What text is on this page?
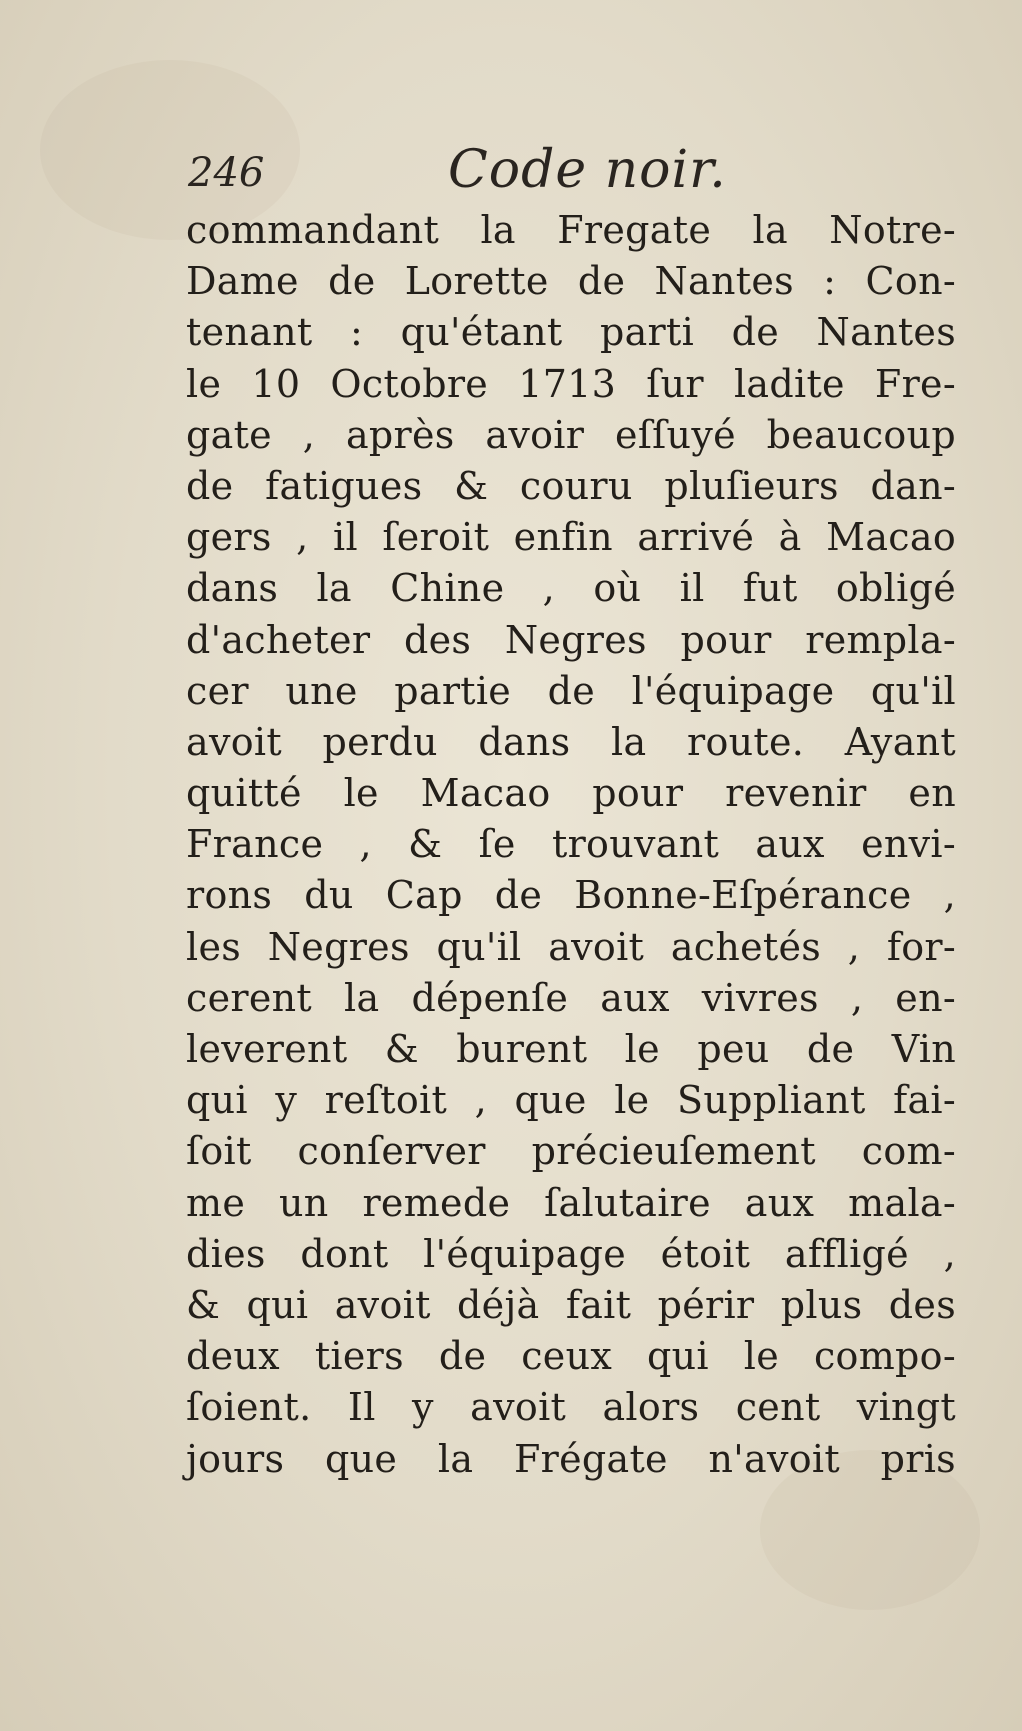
246	Code noir.
commandant la Fregate la Notre-
Dame de Lorette de Nantes : Con-
tenant : qu'étant parti de Nantes
le 10 Octobre 1713 ſur ladite Fre-
gate , après avoir eſſuyé beaucoup
de fatigues & couru pluſieurs dan-
gers , il ſeroit enfin arrivé à Macao
dans la Chine , où il fut obligé
d'acheter des Negres pour rempla-
cer une partie de l'équipage qu'il
avoit perdu dans la route. Ayant
quitté le Macao pour revenir en
France , & ſe trouvant aux envi-
rons du Cap de Bonne-Eſpérance ,
les Negres qu'il avoit achetés , for-
cerent la dépenſe aux vivres , en-
leverent & burent le peu de Vin
qui y reſtoit , que le Suppliant fai-
ſoit conſerver précieuſement com-
me un remede ſalutaire aux mala-
dies dont l'équipage étoit affligé ,
& qui avoit déjà fait périr plus des
deux tiers de ceux qui le compo-
ſoient. Il y avoit alors cent vingt
jours que la Frégate n'avoit pris
